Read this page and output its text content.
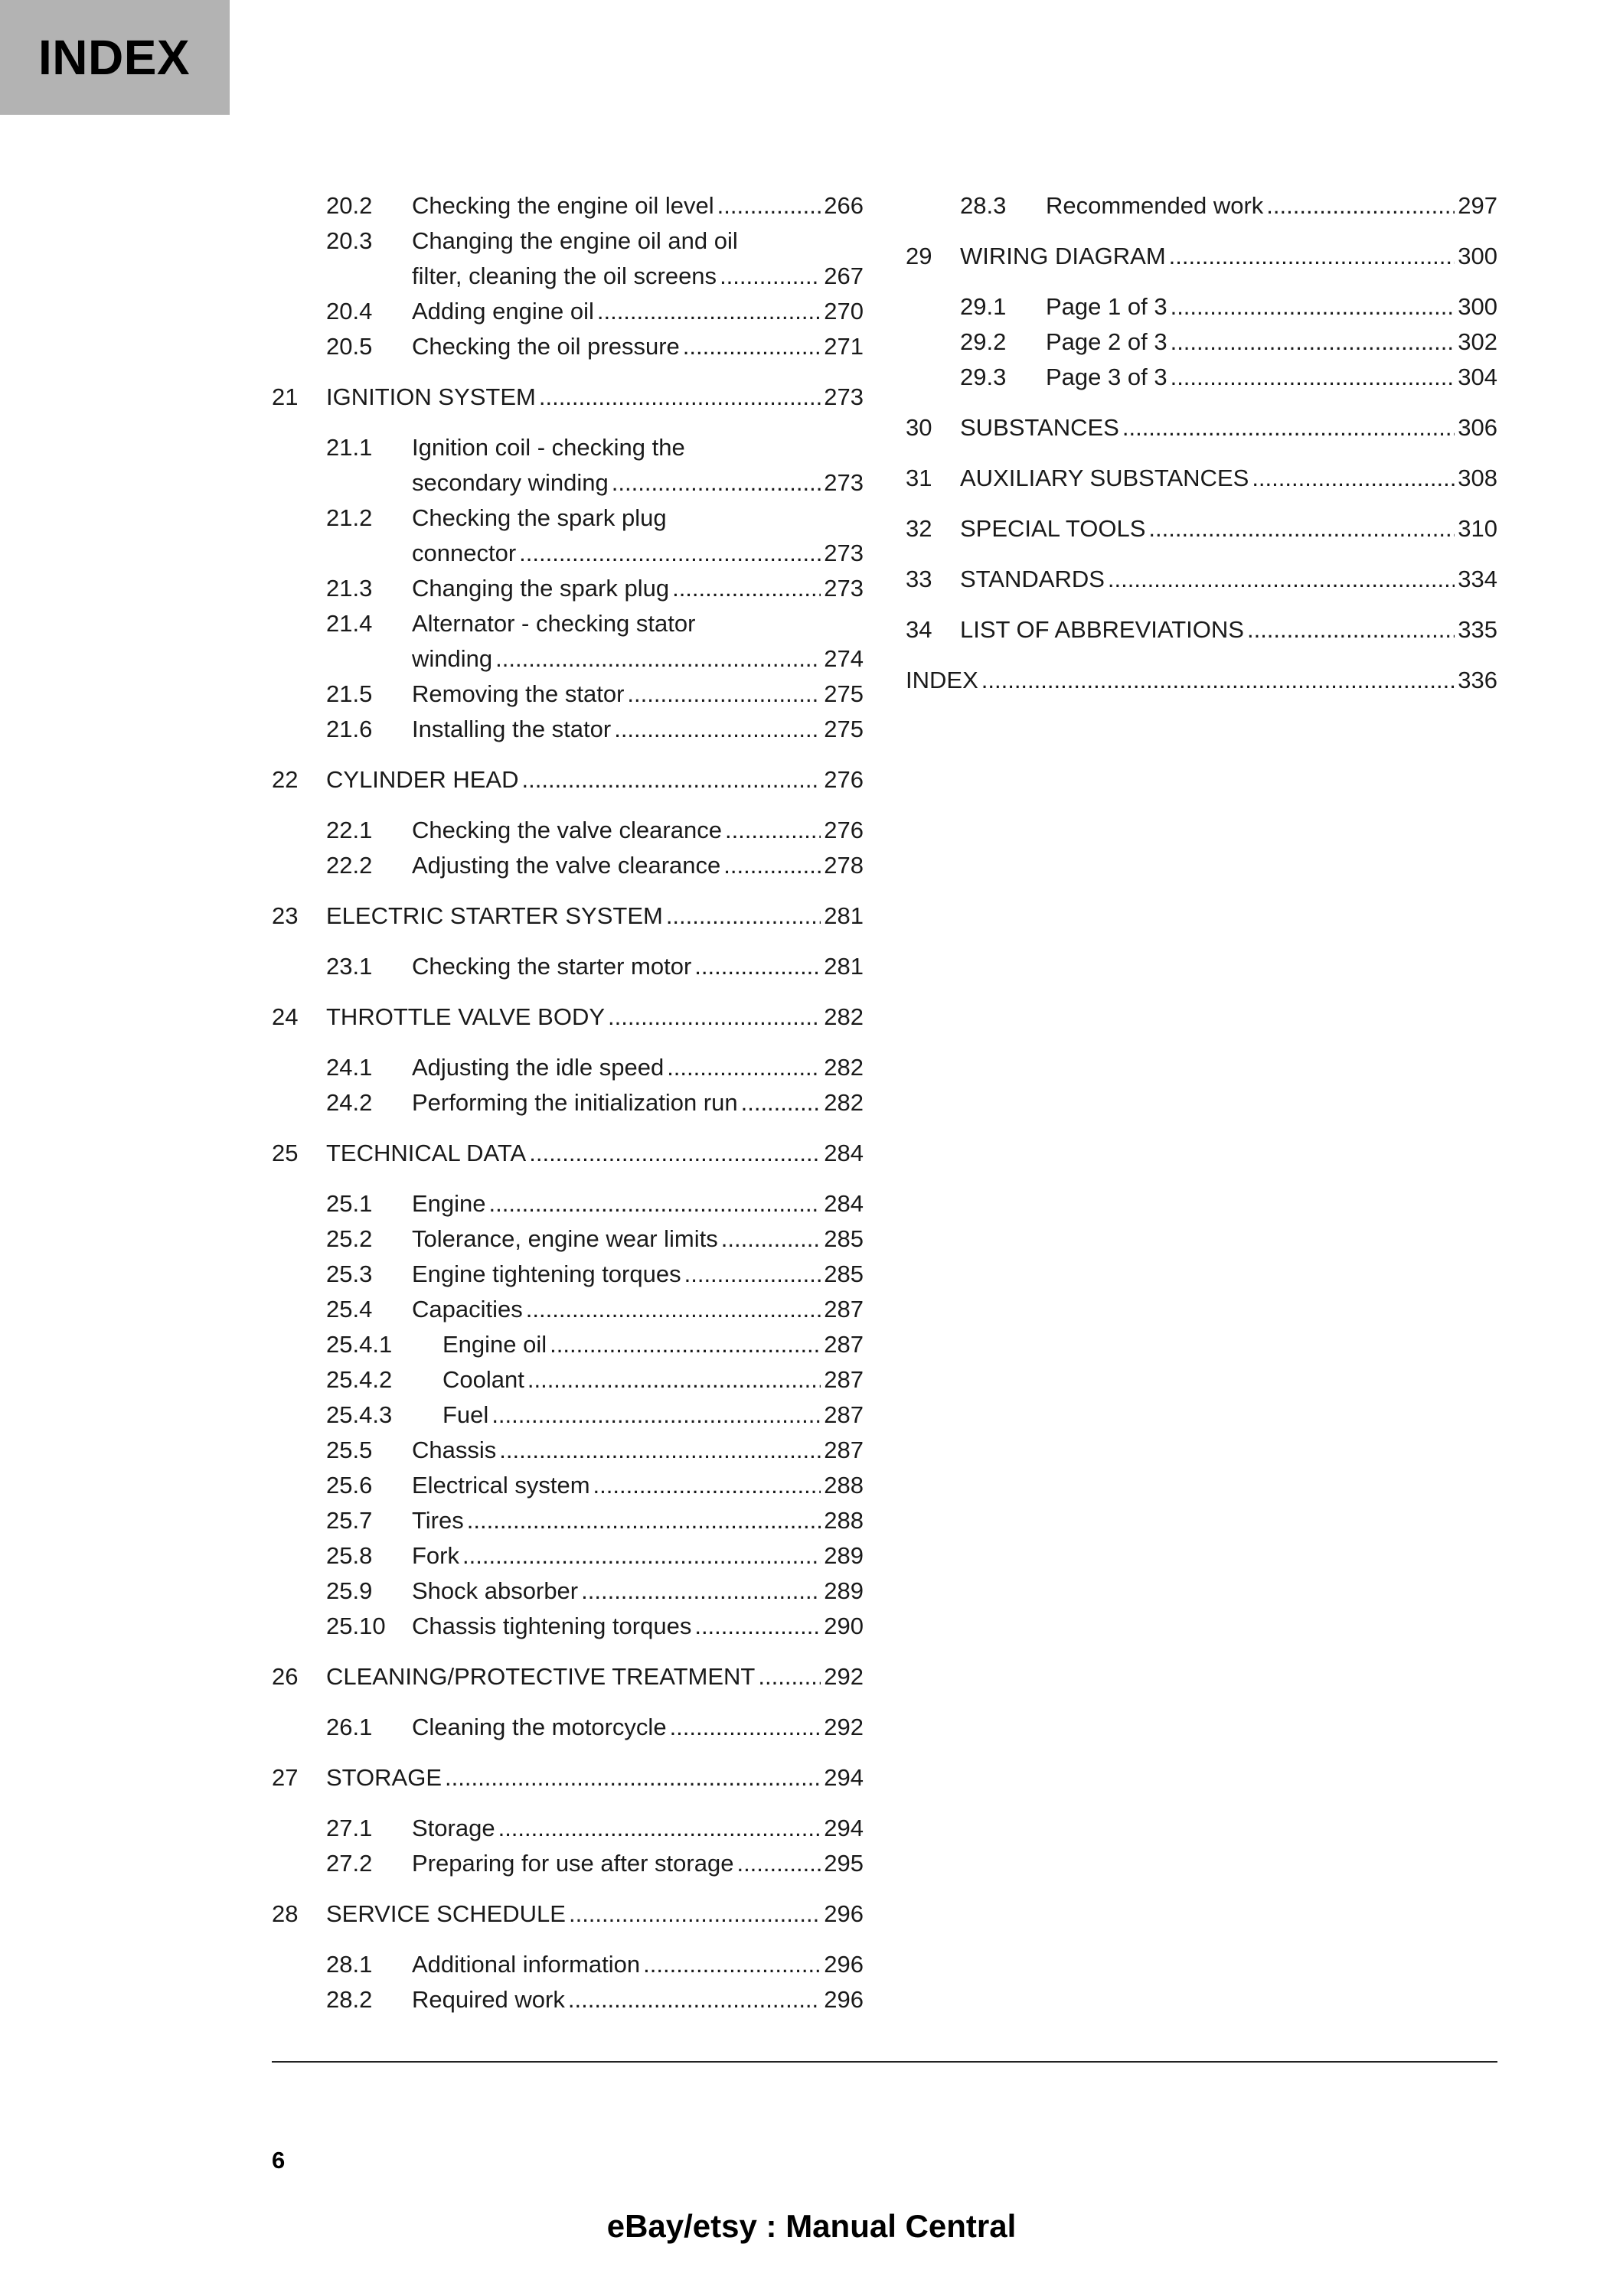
INDEX
20.2	Checking the engine oil level .....	266
20.3	Changing the engine oil and oil
filter, cleaning the oil screens .....	267
20.4	Adding engine oil .....	270
20.5	Checking the oil pressure .....	271
21	IGNITION SYSTEM .....	273
21.1	Ignition coil - checking the
secondary winding .....	273
21.2	Checking the spark plug
connector .....	273
21.3	Changing the spark plug .....	273
21.4	Alternator - checking stator
winding .....	274
21.5	Removing the stator .....	275
21.6	Installing the stator .....	275
22	CYLINDER HEAD .....	276
22.1	Checking the valve clearance .....	276
22.2	Adjusting the valve clearance .....	278
23	ELECTRIC STARTER SYSTEM .....	281
23.1	Checking the starter motor .....	281
24	THROTTLE VALVE BODY .....	282
24.1	Adjusting the idle speed .....	282
24.2	Performing the initialization run .....	282
25	TECHNICAL DATA .....	284
25.1	Engine .....	284
25.2	Tolerance, engine wear limits .....	285
25.3	Engine tightening torques .....	285
25.4	Capacities .....	287
25.4.1	Engine oil .....	287
25.4.2	Coolant .....	287
25.4.3	Fuel .....	287
25.5	Chassis .....	287
25.6	Electrical system .....	288
25.7	Tires .....	288
25.8	Fork .....	289
25.9	Shock absorber .....	289
25.10	Chassis tightening torques .....	290
26	CLEANING/PROTECTIVE TREATMENT .....	292
26.1	Cleaning the motorcycle .....	292
27	STORAGE .....	294
27.1	Storage .....	294
27.2	Preparing for use after storage .....	295
28	SERVICE SCHEDULE .....	296
28.1	Additional information .....	296
28.2	Required work .....	296
28.3	Recommended work .....	297
29	WIRING DIAGRAM .....	300
29.1	Page 1 of 3 .....	300
29.2	Page 2 of 3 .....	302
29.3	Page 3 of 3 .....	304
30	SUBSTANCES .....	306
31	AUXILIARY SUBSTANCES .....	308
32	SPECIAL TOOLS .....	310
33	STANDARDS .....	334
34	LIST OF ABBREVIATIONS .....	335
INDEX .....	336
6
eBay/etsy : Manual Central
